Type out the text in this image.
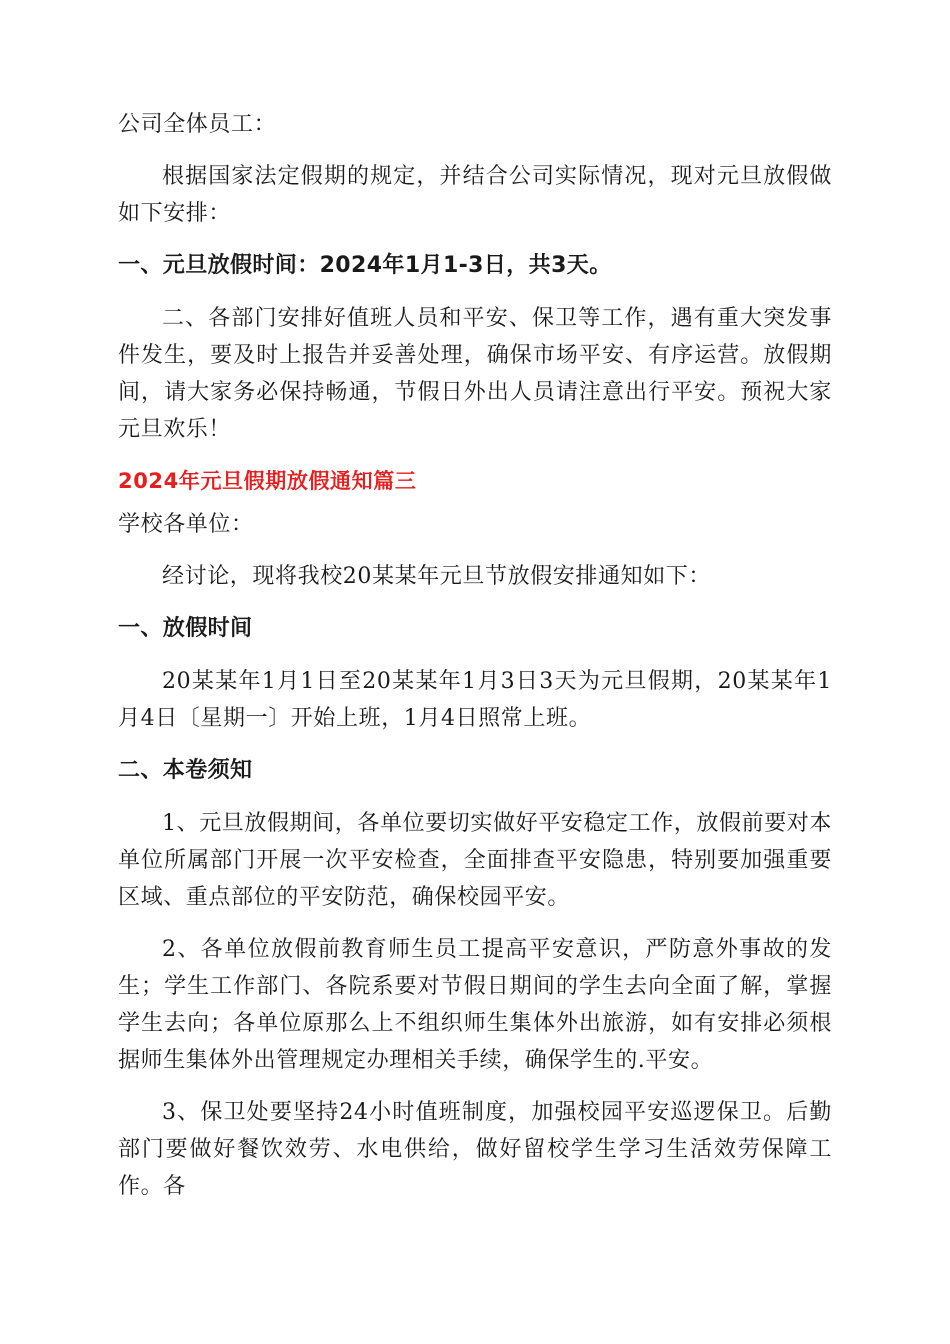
公司全体员工：

根据国家法定假期的规定，并结合公司实际情况，现对元旦放假做如下安排：

一、元旦放假时间：2024年1月1-3日，共3天。

二、各部门安排好值班人员和平安、保卫等工作，遇有重大突发事件发生，要及时上报告并妥善处理，确保市场平安、有序运营。放假期间，请大家务必保持畅通，节假日外出人员请注意出行平安。预祝大家元旦欢乐！

2024年元旦假期放假通知篇三

学校各单位：

经讨论，现将我校20某某年元旦节放假安排通知如下：

一、放假时间

20某某年1月1日至20某某年1月3日3天为元旦假期，20某某年1月4日〔星期一〕开始上班，1月4日照常上班。

二、本卷须知

1、元旦放假期间，各单位要切实做好平安稳定工作，放假前要对本单位所属部门开展一次平安检查，全面排查平安隐患，特别要加强重要区域、重点部位的平安防范，确保校园平安。

2、各单位放假前教育师生员工提高平安意识，严防意外事故的发生；学生工作部门、各院系要对节假日期间的学生去向全面了解，掌握学生去向；各单位原那么上不组织师生集体外出旅游，如有安排必须根据师生集体外出管理规定办理相关手续，确保学生的.平安。

3、保卫处要坚持24小时值班制度，加强校园平安巡逻保卫。后勤部门要做好餐饮效劳、水电供给，做好留校学生学习生活效劳保障工作。各
